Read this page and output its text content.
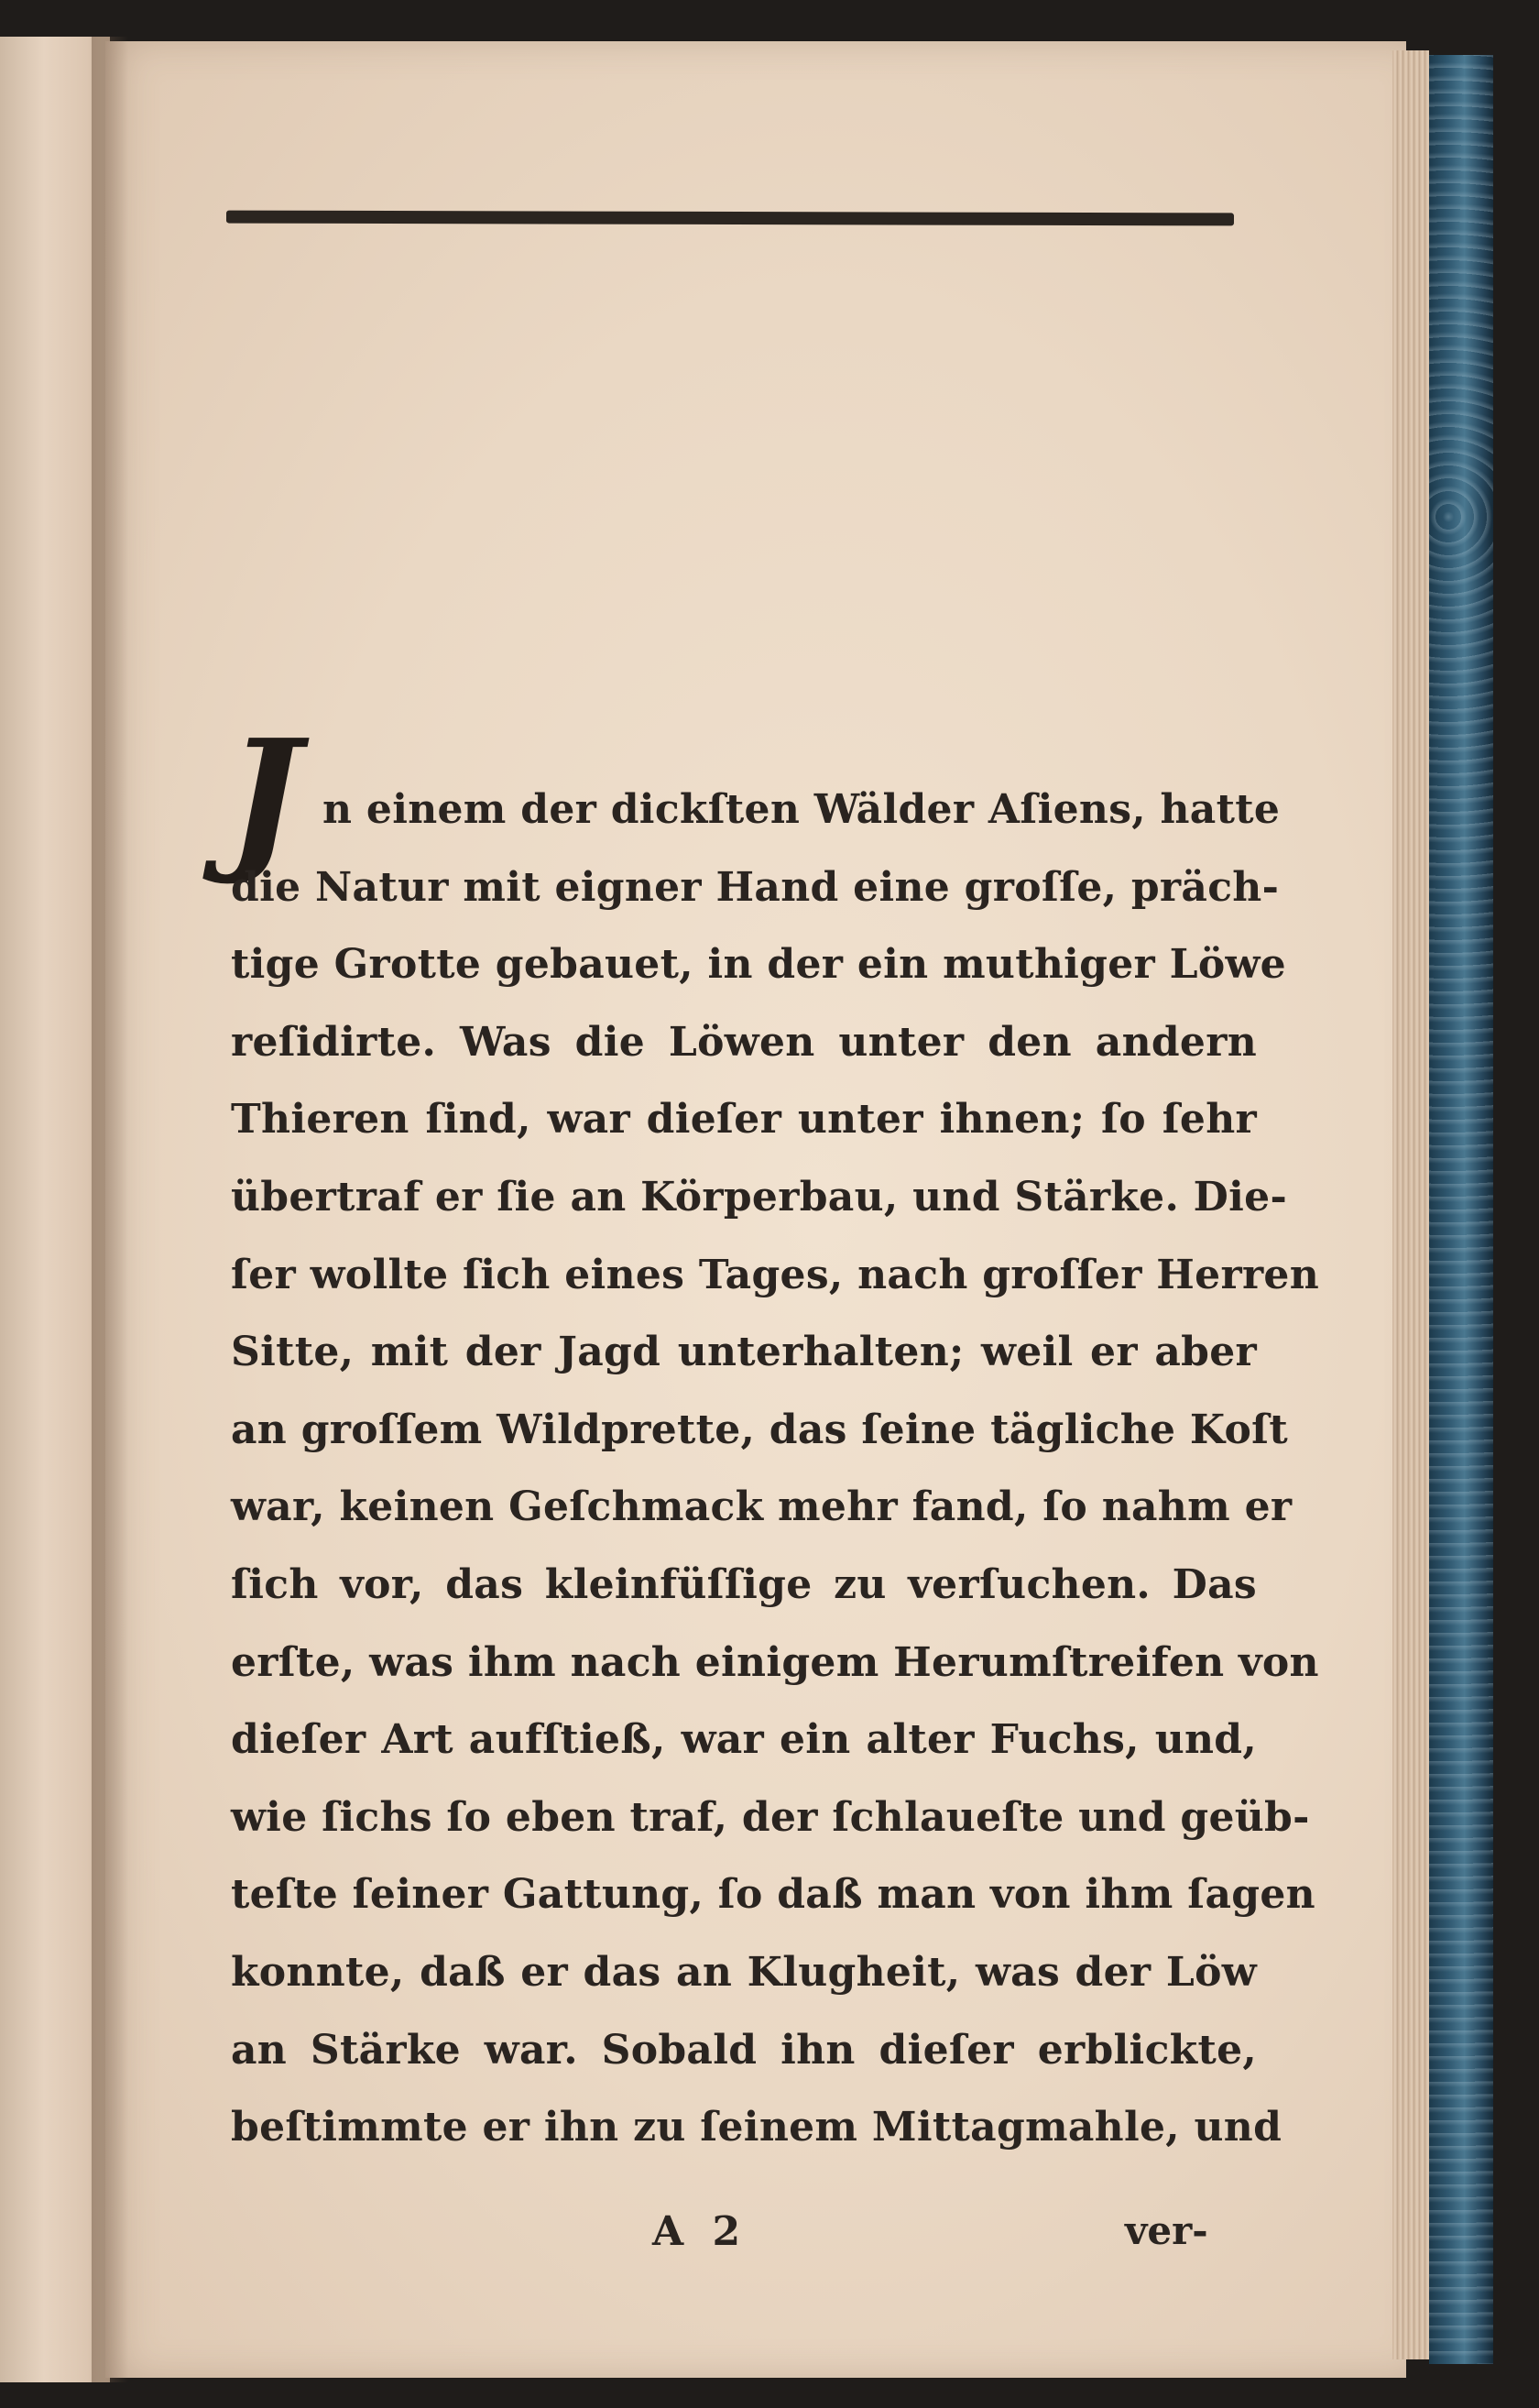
J n einem der dickſten Wälder Aſiens, hatte
die Natur mit eigner Hand eine groſſe, präch-
tige Grotte gebauet, in der ein muthiger Löwe
reſidirte. Was die Löwen unter den andern
Thieren ſind, war dieſer unter ihnen; ſo ſehr
übertraf er ſie an Körperbau, und Stärke. Die-
ſer wollte ſich eines Tages, nach groſſer Herren
Sitte, mit der Jagd unterhalten; weil er aber
an groſſem Wildprette, das ſeine tägliche Koſt
war, keinen Geſchmack mehr fand, ſo nahm er
ſich vor, das kleinfüſſige zu verſuchen. Das
erſte, was ihm nach einigem Herumſtreifen von
dieſer Art aufſtieß, war ein alter Fuchs, und,
wie ſichs ſo eben traf, der ſchlaueſte und geüb-
teſte ſeiner Gattung, ſo daß man von ihm ſagen
konnte, daß er das an Klugheit, was der Löw
an Stärke war. Sobald ihn dieſer erblickte,
beſtimmte er ihn zu ſeinem Mittagmahle, und
A 2	ver-
